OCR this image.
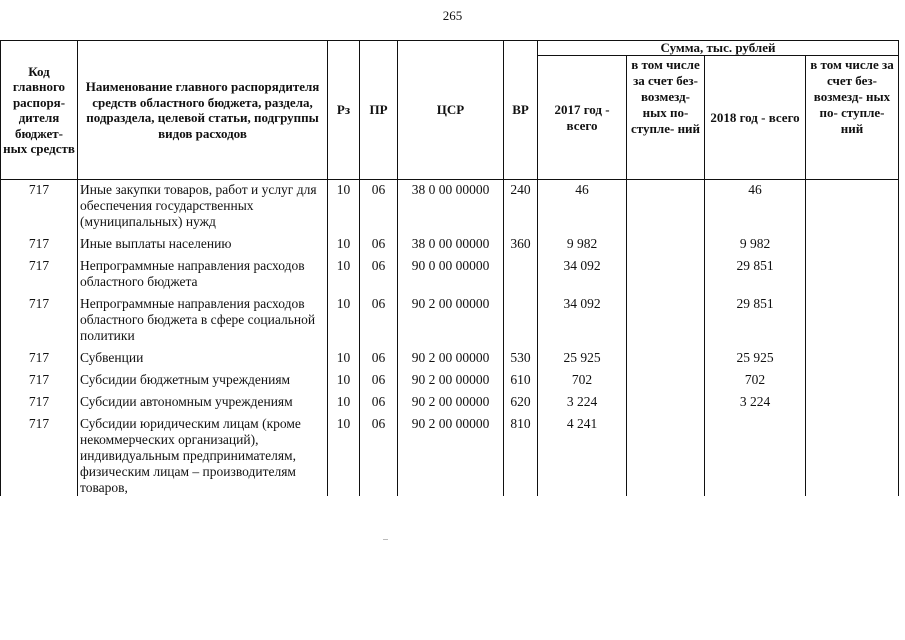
265
Код главного распоря- дителя бюджет- ных средств	Наименование главного распорядителя средств областного бюджета, раздела, подраздела, целевой статьи, подгруппы видов расходов	Рз	ПР	ЦСР	ВР	Сумма, тыс. рублей			
						2017 год - всего	в том числе за счет без- возмезд- ных по- ступле- ний	2018 год - всего	в том числе за счет без- возмезд- ных по- ступле- ний
717	Иные закупки товаров, работ и услуг для обеспечения государственных (муниципальных) нужд	10	06	38 0 00 00000	240	46		46	
717	Иные выплаты населению	10	06	38 0 00 00000	360	9 982		9 982	
717	Непрограммные направления расходов областного бюджета	10	06	90 0 00 00000		34 092		29 851	
717	Непрограммные направления расходов областного бюджета в сфере социальной политики	10	06	90 2 00 00000		34 092		29 851	
717	Субвенции	10	06	90 2 00 00000	530	25 925		25 925	
717	Субсидии бюджетным учреждениям	10	06	90 2 00 00000	610	702		702	
717	Субсидии автономным учреждениям	10	06	90 2 00 00000	620	3 224		3 224	
717	Субсидии юридическим лицам (кроме некоммерческих организаций), индивидуальным предпринимателям, физическим лицам – производителям товаров,	10	06	90 2 00 00000	810	4 241			
